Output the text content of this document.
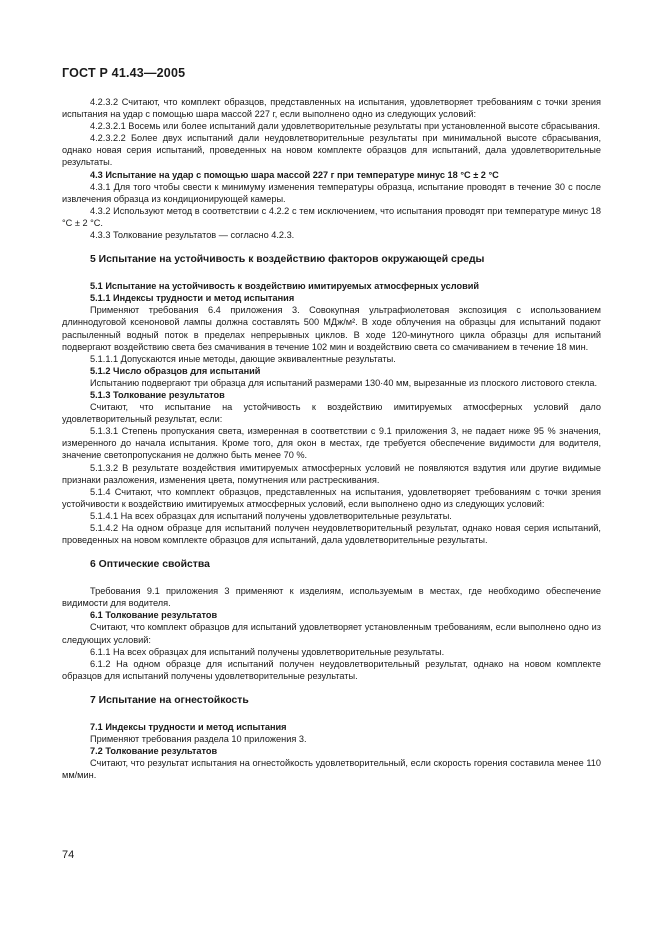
ГОСТ Р 41.43—2005
4.2.3.2 Считают, что комплект образцов, представленных на испытания, удовлетворяет требованиям с точки зрения испытания на удар с помощью шара массой 227 г, если выполнено одно из следующих условий:
4.2.3.2.1 Восемь или более испытаний дали удовлетворительные результаты при установленной высоте сбрасывания.
4.2.3.2.2 Более двух испытаний дали неудовлетворительные результаты при минимальной высоте сбрасывания, однако новая серия испытаний, проведенных на новом комплекте образцов для испытаний, дала удовлетворительные результаты.
4.3 Испытание на удар с помощью шара массой 227 г при температуре минус 18 °С ± 2 °С
4.3.1 Для того чтобы свести к минимуму изменения температуры образца, испытание проводят в течение 30 с после извлечения образца из кондиционирующей камеры.
4.3.2 Используют метод в соответствии с 4.2.2 с тем исключением, что испытания проводят при температуре минус 18 °С ± 2 °С.
4.3.3 Толкование результатов — согласно 4.2.3.
5 Испытание на устойчивость к воздействию факторов окружающей среды
5.1 Испытание на устойчивость к воздействию имитируемых атмосферных условий
5.1.1 Индексы трудности и метод испытания
Применяют требования 6.4 приложения 3. Совокупная ультрафиолетовая экспозиция с использованием длиннодуговой ксеноновой лампы должна составлять 500 МДж/м². В ходе облучения на образцы для испытаний подают распыленный водный поток в пределах непрерывных циклов. В ходе 120-минутного цикла образцы для испытаний подвергают воздействию света без смачивания в течение 102 мин и воздействию света со смачиванием в течение 18 мин.
5.1.1.1 Допускаются иные методы, дающие эквивалентные результаты.
5.1.2 Число образцов для испытаний
Испытанию подвергают три образца для испытаний размерами 130·40 мм, вырезанные из плоского листового стекла.
5.1.3 Толкование результатов
Считают, что испытание на устойчивость к воздействию имитируемых атмосферных условий дало удовлетворительный результат, если:
5.1.3.1 Степень пропускания света, измеренная в соответствии с 9.1 приложения 3, не падает ниже 95 % значения, измеренного до начала испытания. Кроме того, для окон в местах, где требуется обеспечение видимости для водителя, значение светопропускания не должно быть менее 70 %.
5.1.3.2 В результате воздействия имитируемых атмосферных условий не появляются вздутия или другие видимые признаки разложения, изменения цвета, помутнения или растрескивания.
5.1.4 Считают, что комплект образцов, представленных на испытания, удовлетворяет требованиям с точки зрения устойчивости к воздействию имитируемых атмосферных условий, если выполнено одно из следующих условий:
5.1.4.1 На всех образцах для испытаний получены удовлетворительные результаты.
5.1.4.2 На одном образце для испытаний получен неудовлетворительный результат, однако новая серия испытаний, проведенных на новом комплекте образцов для испытаний, дала удовлетворительные результаты.
6 Оптические свойства
Требования 9.1 приложения 3 применяют к изделиям, используемым в местах, где необходимо обеспечение видимости для водителя.
6.1 Толкование результатов
Считают, что комплект образцов для испытаний удовлетворяет установленным требованиям, если выполнено одно из следующих условий:
6.1.1 На всех образцах для испытаний получены удовлетворительные результаты.
6.1.2 На одном образце для испытаний получен неудовлетворительный результат, однако на новом комплекте образцов для испытаний получены удовлетворительные результаты.
7 Испытание на огнестойкость
7.1 Индексы трудности и метод испытания
Применяют требования раздела 10 приложения 3.
7.2 Толкование результатов
Считают, что результат испытания на огнестойкость удовлетворительный, если скорость горения составила менее 110 мм/мин.
74
